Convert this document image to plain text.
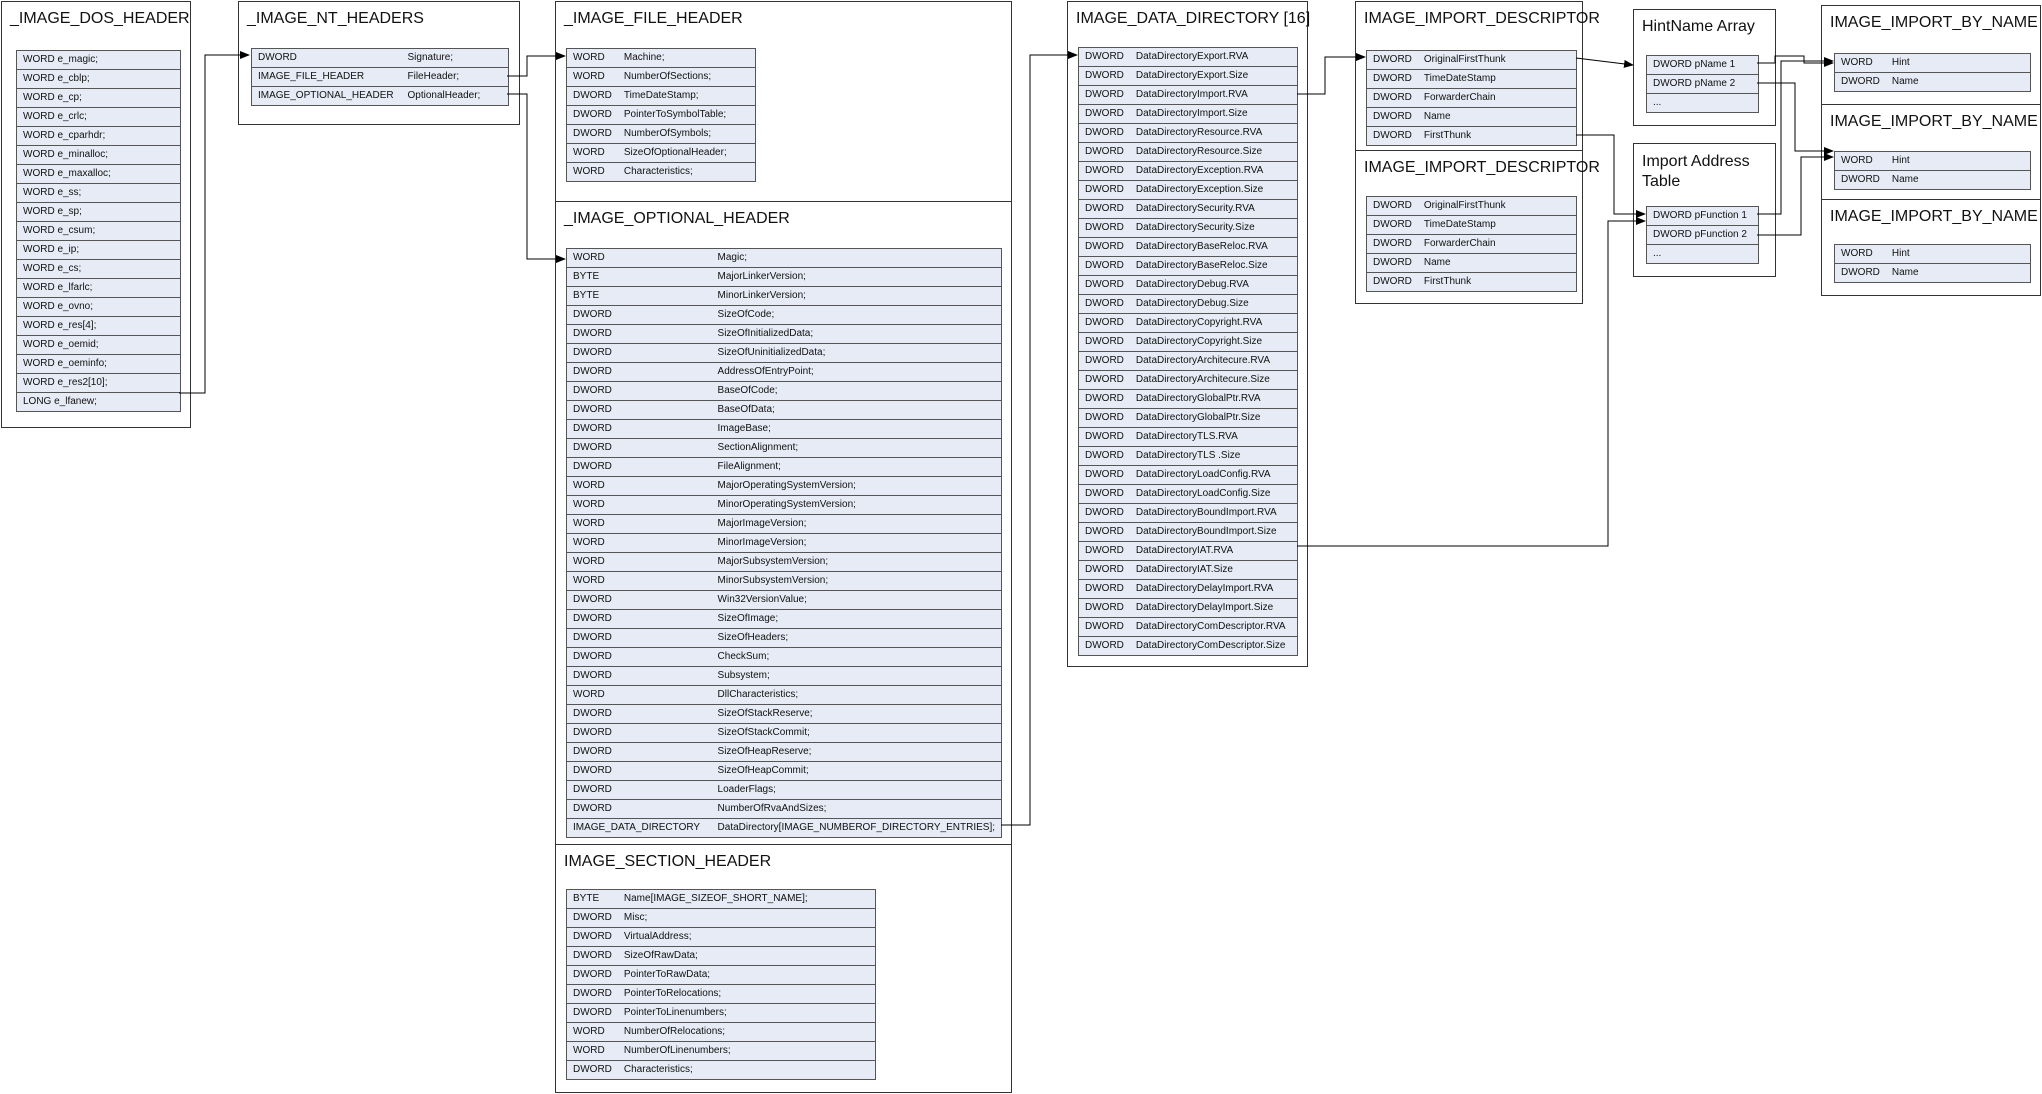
_IMAGE_DOS_HEADER
WORD e_magic;
WORD e_cblp;
WORD e_cp;
WORD e_crlc;
WORD e_cparhdr;
WORD e_minalloc;
WORD e_maxalloc;
WORD e_ss;
WORD e_sp;
WORD e_csum;
WORD e_ip;
WORD e_cs;
WORD e_lfarlc;
WORD e_ovno;
WORD e_res[4];
WORD e_oemid;
WORD e_oeminfo;
WORD e_res2[10];
LONG e_lfanew;
_IMAGE_NT_HEADERS
DWORD	Signature;
IMAGE_FILE_HEADER	FileHeader;
IMAGE_OPTIONAL_HEADER	OptionalHeader;
_IMAGE_FILE_HEADER
WORD	Machine;
WORD	NumberOfSections;
DWORD	TimeDateStamp;
DWORD	PointerToSymbolTable;
DWORD	NumberOfSymbols;
WORD	SizeOfOptionalHeader;
WORD	Characteristics;
_IMAGE_OPTIONAL_HEADER
WORD	Magic;
BYTE	MajorLinkerVersion;
BYTE	MinorLinkerVersion;
DWORD	SizeOfCode;
DWORD	SizeOfInitializedData;
DWORD	SizeOfUninitializedData;
DWORD	AddressOfEntryPoint;
DWORD	BaseOfCode;
DWORD	BaseOfData;
DWORD	ImageBase;
DWORD	SectionAlignment;
DWORD	FileAlignment;
WORD	MajorOperatingSystemVersion;
WORD	MinorOperatingSystemVersion;
WORD	MajorImageVersion;
WORD	MinorImageVersion;
WORD	MajorSubsystemVersion;
WORD	MinorSubsystemVersion;
DWORD	Win32VersionValue;
DWORD	SizeOfImage;
DWORD	SizeOfHeaders;
DWORD	CheckSum;
DWORD	Subsystem;
WORD	DllCharacteristics;
DWORD	SizeOfStackReserve;
DWORD	SizeOfStackCommit;
DWORD	SizeOfHeapReserve;
DWORD	SizeOfHeapCommit;
DWORD	LoaderFlags;
DWORD	NumberOfRvaAndSizes;
IMAGE_DATA_DIRECTORY	DataDirectory[IMAGE_NUMBEROF_DIRECTORY_ENTRIES];
IMAGE_SECTION_HEADER
BYTE	Name[IMAGE_SIZEOF_SHORT_NAME];
DWORD	Misc;
DWORD	VirtualAddress;
DWORD	SizeOfRawData;
DWORD	PointerToRawData;
DWORD	PointerToRelocations;
DWORD	PointerToLinenumbers;
WORD	NumberOfRelocations;
WORD	NumberOfLinenumbers;
DWORD	Characteristics;
IMAGE_DATA_DIRECTORY [16]
DWORD	DataDirectoryExport.RVA
DWORD	DataDirectoryExport.Size
DWORD	DataDirectoryImport.RVA
DWORD	DataDirectoryImport.Size
DWORD	DataDirectoryResource.RVA
DWORD	DataDirectoryResource.Size
DWORD	DataDirectoryException.RVA
DWORD	DataDirectoryException.Size
DWORD	DataDirectorySecurity.RVA
DWORD	DataDirectorySecurity.Size
DWORD	DataDirectoryBaseReloc.RVA
DWORD	DataDirectoryBaseReloc.Size
DWORD	DataDirectoryDebug.RVA
DWORD	DataDirectoryDebug.Size
DWORD	DataDirectoryCopyright.RVA
DWORD	DataDirectoryCopyright.Size
DWORD	DataDirectoryArchitecure.RVA
DWORD	DataDirectoryArchitecure.Size
DWORD	DataDirectoryGlobalPtr.RVA
DWORD	DataDirectoryGlobalPtr.Size
DWORD	DataDirectoryTLS.RVA
DWORD	DataDirectoryTLS .Size
DWORD	DataDirectoryLoadConfig.RVA
DWORD	DataDirectoryLoadConfig.Size
DWORD	DataDirectoryBoundImport.RVA
DWORD	DataDirectoryBoundImport.Size
DWORD	DataDirectoryIAT.RVA
DWORD	DataDirectoryIAT.Size
DWORD	DataDirectoryDelayImport.RVA
DWORD	DataDirectoryDelayImport.Size
DWORD	DataDirectoryComDescriptor.RVA
DWORD	DataDirectoryComDescriptor.Size
IMAGE_IMPORT_DESCRIPTOR
DWORD	OriginalFirstThunk
DWORD	TimeDateStamp
DWORD	ForwarderChain
DWORD	Name
DWORD	FirstThunk
IMAGE_IMPORT_DESCRIPTOR
DWORD	OriginalFirstThunk
DWORD	TimeDateStamp
DWORD	ForwarderChain
DWORD	Name
DWORD	FirstThunk
HintName Array
DWORD pName 1
DWORD pName 2
...
Import Address Table
DWORD pFunction 1
DWORD pFunction 2
...
IMAGE_IMPORT_BY_NAME
WORD	Hint
DWORD	Name
IMAGE_IMPORT_BY_NAME
WORD	Hint
DWORD	Name
IMAGE_IMPORT_BY_NAME
WORD	Hint
DWORD	Name
